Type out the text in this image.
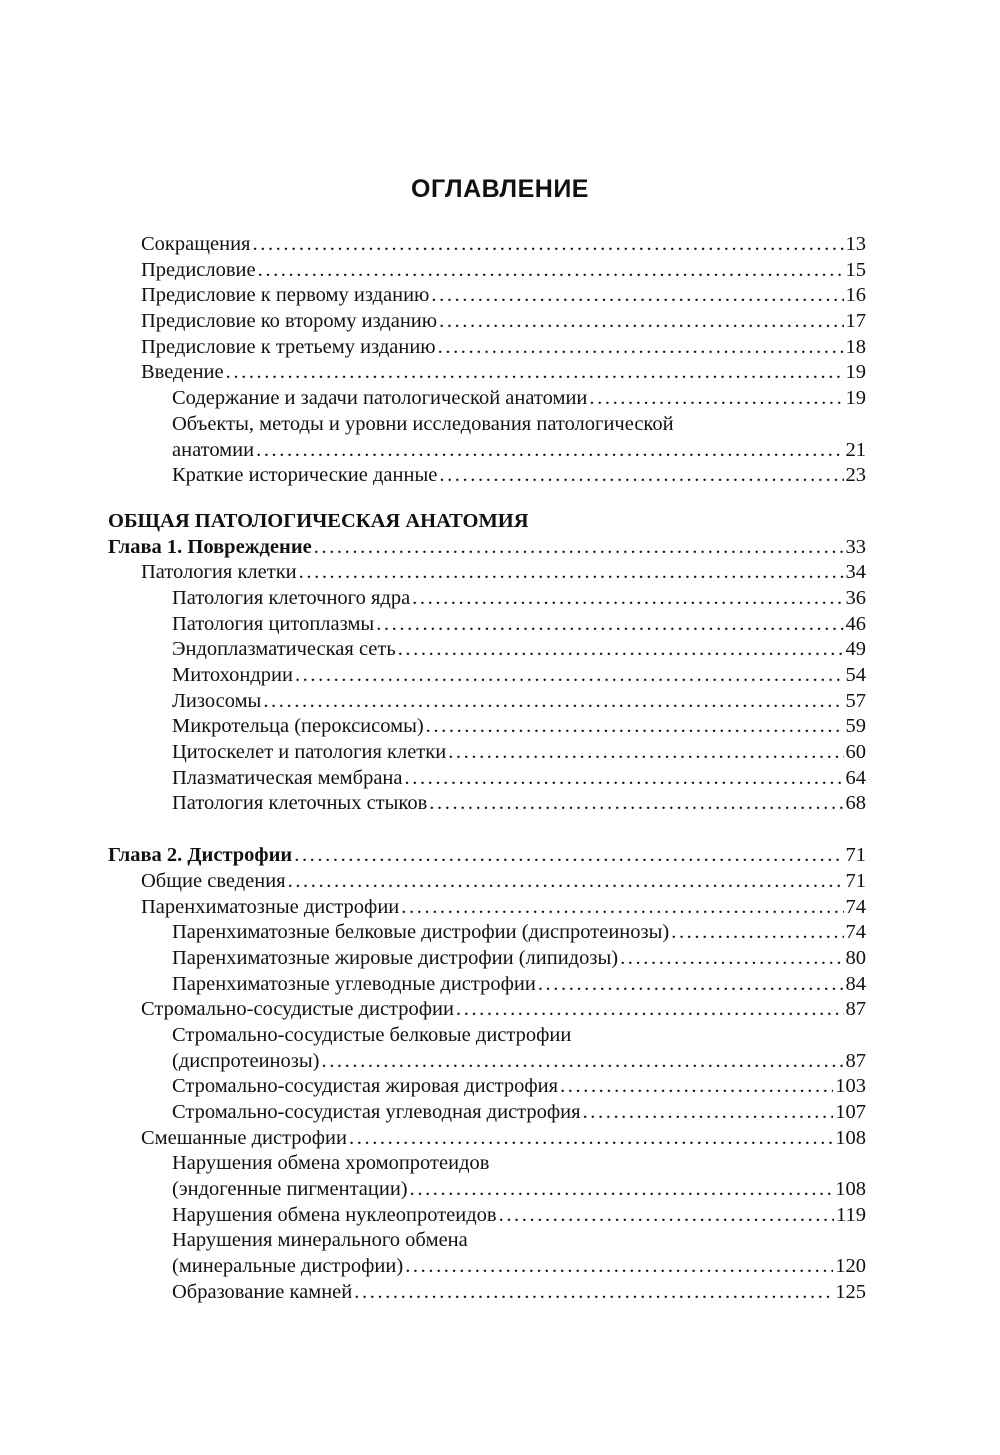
ОГЛАВЛЕНИЕ
Сокращения .....	13
Предисловие .....	15
Предисловие к первому изданию .....	16
Предисловие ко второму изданию .....	17
Предисловие к третьему изданию .....	18
Введение .....	19
Содержание и задачи патологической анатомии .....	19
Объекты, методы и уровни исследования патологической
анатомии .....	21
Краткие исторические данные .....	23
ОБЩАЯ ПАТОЛОГИЧЕСКАЯ АНАТОМИЯ
Глава 1. Повреждение .....	33
Патология клетки .....	34
Патология клеточного ядра .....	36
Патология цитоплазмы .....	46
Эндоплазматическая сеть .....	49
Митохондрии .....	54
Лизосомы .....	57
Микротельца (пероксисомы) .....	59
Цитоскелет и патология клетки .....	60
Плазматическая мембрана .....	64
Патология клеточных стыков .....	68
Глава 2. Дистрофии .....	71
Общие сведения .....	71
Паренхиматозные дистрофии .....	74
Паренхиматозные белковые дистрофии (диспротеинозы) .....	74
Паренхиматозные жировые дистрофии (липидозы) .....	80
Паренхиматозные углеводные дистрофии .....	84
Стромально-сосудистые дистрофии .....	87
Стромально-сосудистые белковые дистрофии
(диспротеинозы) .....	87
Стромально-сосудистая жировая дистрофия .....	103
Стромально-сосудистая углеводная дистрофия .....	107
Смешанные дистрофии .....	108
Нарушения обмена хромопротеидов
(эндогенные пигментации) .....	108
Нарушения обмена нуклеопротеидов .....	119
Нарушения минерального обмена
(минеральные дистрофии) .....	120
Образование камней .....	125
